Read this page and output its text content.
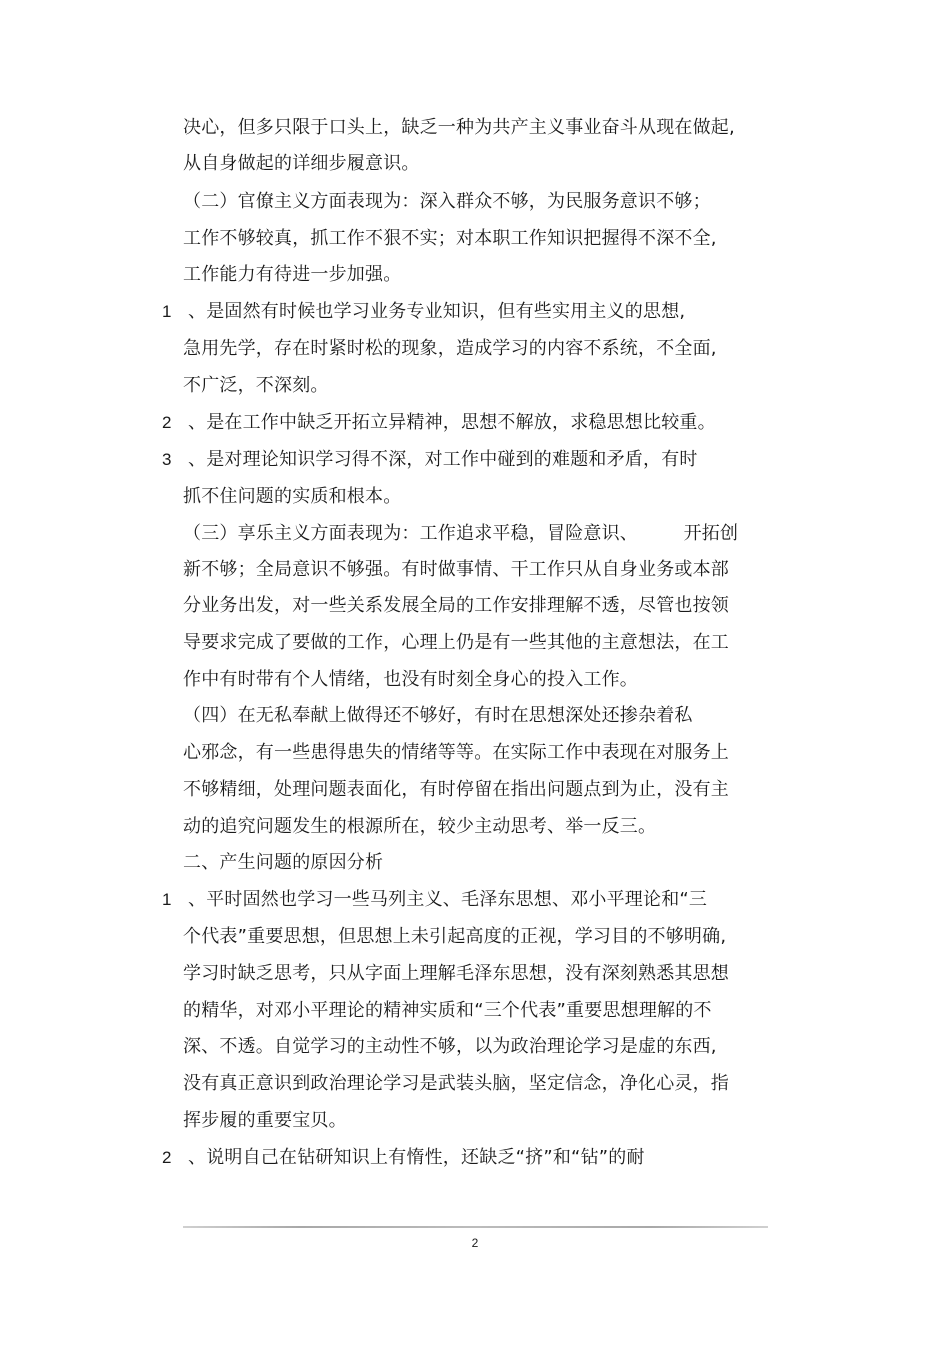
决心，但多只限于口头上，缺乏一种为共产主义事业奋斗从现在做起,
从自身做起的详细步履意识。
（二）官僚主义方面表现为：深入群众不够，为民服务意识不够；
工作不够较真，抓工作不狠不实；对本职工作知识把握得不深不全,
工作能力有待进一步加强。
1 、是固然有时候也学习业务专业知识，但有些实用主义的思想,
急用先学，存在时紧时松的现象，造成学习的内容不系统，不全面,
不广泛，不深刻。
2 、是在工作中缺乏开拓立异精神，思想不解放，求稳思想比较重。
3 、是对理论知识学习得不深，对工作中碰到的难题和矛盾，有时
抓不住问题的实质和根本。
（三）享乐主义方面表现为：工作追求平稳，冒险意识、　　　开拓创
新不够；全局意识不够强。有时做事情、干工作只从自身业务或本部
分业务出发，对一些关系发展全局的工作安排理解不透，尽管也按领
导要求完成了要做的工作，心理上仍是有一些其他的主意想法，在工
作中有时带有个人情绪，也没有时刻全身心的投入工作。
（四）在无私奉献上做得还不够好，有时在思想深处还掺杂着私
心邪念，有一些患得患失的情绪等等。在实际工作中表现在对服务上
不够精细，处理问题表面化，有时停留在指出问题点到为止，没有主
动的追究问题发生的根源所在，较少主动思考、举一反三。
二、产生问题的原因分析
1 、平时固然也学习一些马列主义、毛泽东思想、邓小平理论和“三
个代表”重要思想，但思想上未引起高度的正视，学习目的不够明确,
学习时缺乏思考，只从字面上理解毛泽东思想，没有深刻熟悉其思想
的精华，对邓小平理论的精神实质和“三个代表”重要思想理解的不
深、不透。自觉学习的主动性不够，以为政治理论学习是虚的东西,
没有真正意识到政治理论学习是武装头脑，坚定信念，净化心灵，指
挥步履的重要宝贝。
2 、说明自己在钻研知识上有惰性，还缺乏“挤”和“钻”的耐
2
